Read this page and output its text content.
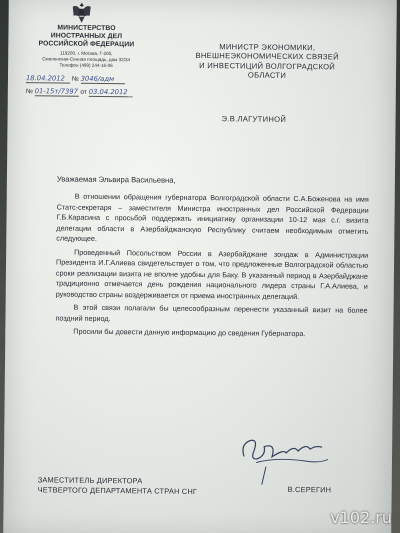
МИНИСТЕРСТВО
ИНОСТРАННЫХ ДЕЛ
РОССИЙСКОЙ ФЕДЕРАЦИИ
119200, г. Москва, Г-200,
Смоленская-Сенная площадь, дом 32/34
Телефон (499) 244-16-06
18.04.2012 № 3046/адм
№ 01-15т/7397 от 03.04.2012
МИНИСТР ЭКОНОМИКИ,
ВНЕШНЕЭКОНОМИЧЕСКИХ СВЯЗЕЙ
И ИНВЕСТИЦИЙ ВОЛГОГРАДСКОЙ
ОБЛАСТИ
Э.В.ЛАГУТИНОЙ
Уважаемая Эльвира Васильевна,

В отношении обращения губернатора Волгоградской области С.А.Боженова на имя Статс-секретаря – заместителя Министра иностранных дел Российской Федерации Г.Б.Карасина с просьбой поддержать инициативу организации 10-12 мая с.г. визита делегации области в Азербайджанскую Республику считаем необходимым отметить следующее.

Проведенный Посольством России в Азербайджане зондаж в Администрации Президента И.Г.Алиева свидетельствует о том, что предложенные Волгоградской областью сроки реализации визита не вполне удобны для Баку. В указанный период в Азербайджане традиционно отмечается день рождения национального лидера страны Г.А.Алиева, и руководство страны воздерживается от приема иностранных делегаций.

В этой связи полагали бы целесообразным перенести указанный визит на более поздний период.

Просили бы довести данную информацию до сведения Губернатора.

ЗАМЕСТИТЕЛЬ ДИРЕКТОРА
ЧЕТВЕРТОГО ДЕПАРТАМЕНТА СТРАН СНГ	В.СЕРЕГИН
v102.ru
